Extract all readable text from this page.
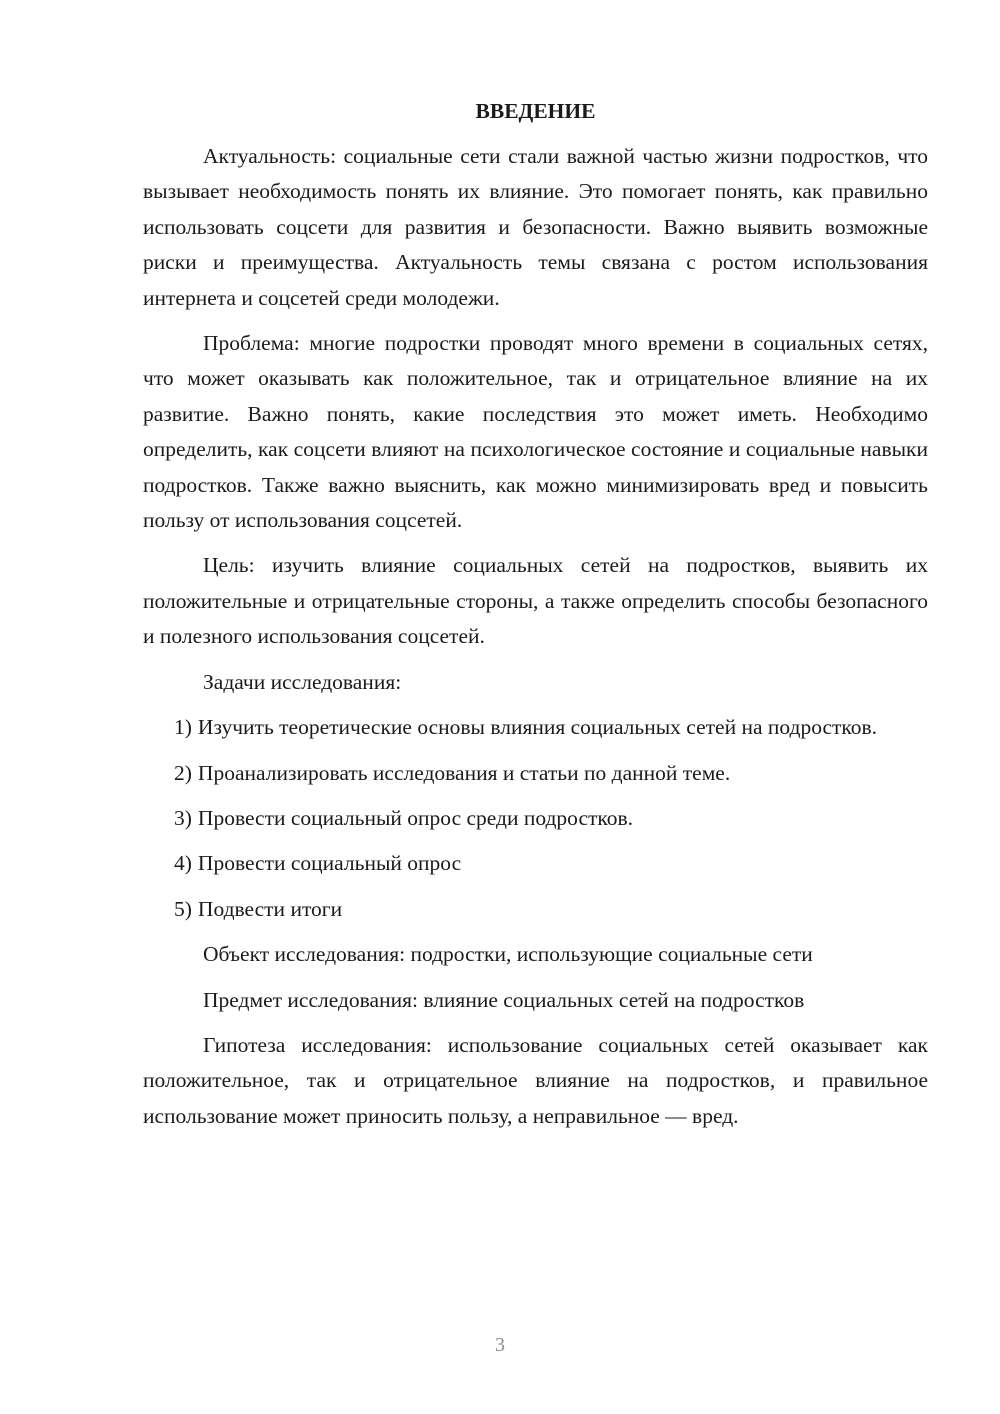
ВВЕДЕНИЕ

Актуальность: социальные сети стали важной частью жизни подростков, что вызывает необходимость понять их влияние. Это помогает понять, как правильно использовать соцсети для развития и безопасности. Важно выявить возможные риски и преимущества. Актуальность темы связана с ростом использования интернета и соцсетей среди молодежи.

Проблема: многие подростки проводят много времени в социальных сетях, что может оказывать как положительное, так и отрицательное влияние на их развитие. Важно понять, какие последствия это может иметь. Необходимо определить, как соцсети влияют на психологическое состояние и социальные навыки подростков. Также важно выяснить, как можно минимизировать вред и повысить пользу от использования соцсетей.

Цель: изучить влияние социальных сетей на подростков, выявить их положительные и отрицательные стороны, а также определить способы безопасного и полезного использования соцсетей.

Задачи исследования:

1) Изучить теоретические основы влияния социальных сетей на подростков.

2) Проанализировать исследования и статьи по данной теме.

3) Провести социальный опрос среди подростков.

4) Провести социальный опрос

5) Подвести итоги

Объект исследования: подростки, использующие социальные сети

Предмет исследования: влияние социальных сетей на подростков

Гипотеза исследования: использование социальных сетей оказывает как положительное, так и отрицательное влияние на подростков, и правильное использование может приносить пользу, а неправильное — вред.

3
